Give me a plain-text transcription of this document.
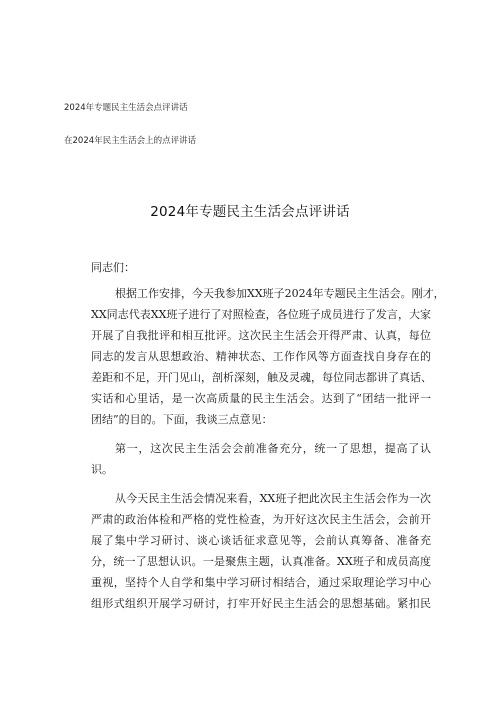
2024年专题民主生活会点评讲话
在2024年民主生活会上的点评讲话
2024年专题民主生活会点评讲话
同志们：
根据工作安排，今天我参加XX班子2024年专题民主生活会。刚才，
XX同志代表XX班子进行了对照检查，各位班子成员进行了发言，大家
开展了自我批评和相互批评。这次民主生活会开得严肃、认真，每位
同志的发言从思想政治、精神状态、工作作风等方面查找自身存在的
差距和不足，开门见山，剖析深刻，触及灵魂，每位同志都讲了真话、
实话和心里话，是一次高质量的民主生活会。达到了“团结一批评一
团结”的目的。下面，我谈三点意见：
第一，这次民主生活会会前准备充分，统一了思想，提高了认
识。
从今天民主生活会情况来看，XX班子把此次民主生活会作为一次
严肃的政治体检和严格的党性检查，为开好这次民主生活会，会前开
展了集中学习研讨、谈心谈话征求意见等，会前认真筹备、准备充
分，统一了思想认识。一是聚焦主题，认真准备。XX班子和成员高度
重视，坚持个人自学和集中学习研讨相结合，通过采取理论学习中心
组形式组织开展学习研讨，打牢开好民主生活会的思想基础。紧扣民
